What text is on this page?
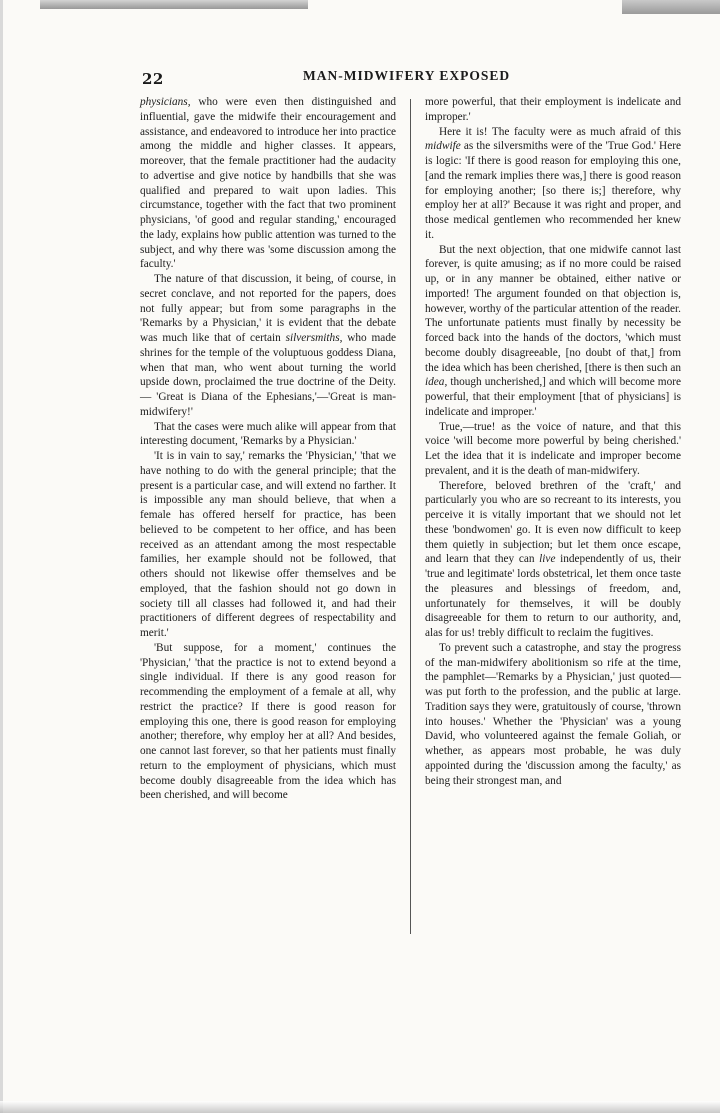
22	MAN-MIDWIFERY EXPOSED

physicians, who were even then distinguished and influential, gave the midwife their encouragement and assistance, and endeavored to introduce her into practice among the middle and higher classes. It appears, moreover, that the female practitioner had the audacity to advertise and give notice by handbills that she was qualified and prepared to wait upon ladies. This circumstance, together with the fact that two prominent physicians, 'of good and regular standing,' encouraged the lady, explains how public attention was turned to the subject, and why there was 'some discussion among the faculty.'

The nature of that discussion, it being, of course, in secret conclave, and not reported for the papers, does not fully appear; but from some paragraphs in the 'Remarks by a Physician,' it is evident that the debate was much like that of certain silversmiths, who made shrines for the temple of the voluptuous goddess Diana, when that man, who went about turning the world upside down, proclaimed the true doctrine of the Deity.— 'Great is Diana of the Ephesians,'—'Great is man-midwifery!'

That the cases were much alike will appear from that interesting document, 'Remarks by a Physician.'

'It is in vain to say,' remarks the 'Physician,' 'that we have nothing to do with the general principle; that the present is a particular case, and will extend no farther. It is impossible any man should believe, that when a female has offered herself for practice, has been believed to be competent to her office, and has been received as an attendant among the most respectable families, her example should not be followed, that others should not likewise offer themselves and be employed, that the fashion should not go down in society till all classes had followed it, and had their practitioners of different degrees of respectability and merit.'

'But suppose, for a moment,' continues the 'Physician,' 'that the practice is not to extend beyond a single individual. If there is any good reason for recommending the employment of a female at all, why restrict the practice? If there is good reason for employing this one, there is good reason for employing another; therefore, why employ her at all? And besides, one cannot last forever, so that her patients must finally return to the employment of physicians, which must become doubly disagreeable from the idea which has been cherished, and will become

more powerful, that their employment is indelicate and improper.'

Here it is! The faculty were as much afraid of this midwife as the silversmiths were of the 'True God.' Here is logic: 'If there is good reason for employing this one, [and the remark implies there was,] there is good reason for employing another; [so there is;] therefore, why employ her at all?' Because it was right and proper, and those medical gentlemen who recommended her knew it.

But the next objection, that one midwife cannot last forever, is quite amusing; as if no more could be raised up, or in any manner be obtained, either native or imported! The argument founded on that objection is, however, worthy of the particular attention of the reader. The unfortunate patients must finally by necessity be forced back into the hands of the doctors, 'which must become doubly disagreeable, [no doubt of that,] from the idea which has been cherished, [there is then such an idea, though uncherished,] and which will become more powerful, that their employment [that of physicians] is indelicate and improper.'

True,—true! as the voice of nature, and that this voice 'will become more powerful by being cherished.' Let the idea that it is indelicate and improper become prevalent, and it is the death of man-midwifery.

Therefore, beloved brethren of the 'craft,' and particularly you who are so recreant to its interests, you perceive it is vitally important that we should not let these 'bondwomen' go. It is even now difficult to keep them quietly in subjection; but let them once escape, and learn that they can live independently of us, their 'true and legitimate' lords obstetrical, let them once taste the pleasures and blessings of freedom, and, unfortunately for themselves, it will be doubly disagreeable for them to return to our authority, and, alas for us! trebly difficult to reclaim the fugitives.

To prevent such a catastrophe, and stay the progress of the man-midwifery abolitionism so rife at the time, the pamphlet—'Remarks by a Physician,' just quoted—was put forth to the profession, and the public at large. Tradition says they were, gratuitously of course, 'thrown into houses.' Whether the 'Physician' was a young David, who volunteered against the female Goliah, or whether, as appears most probable, he was duly appointed during the 'discussion among the faculty,' as being their strongest man, and
